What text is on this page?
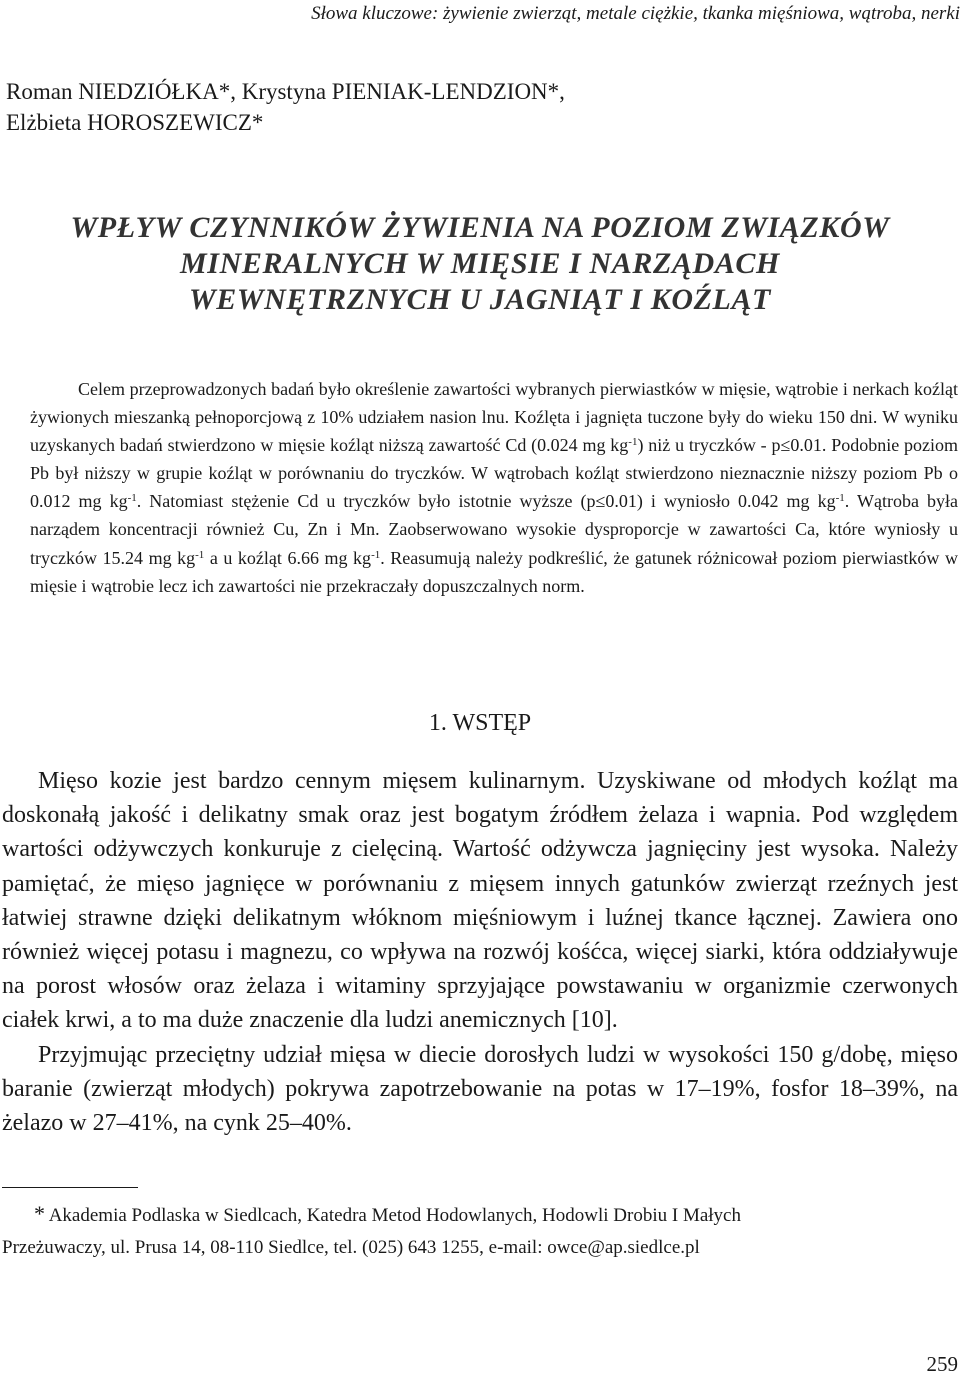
Słowa kluczowe: żywienie zwierząt, metale ciężkie, tkanka mięśniowa, wątroba, nerki
Roman NIEDZIÓŁKA*, Krystyna PIENIAK-LENDZION*,
Elżbieta HOROSZEWICZ*
WPŁYW CZYNNIKÓW ŻYWIENIA NA POZIOM ZWIĄZKÓW
MINERALNYCH W MIĘSIE I NARZĄDACH
WEWNĘTRZNYCH U JAGNIĄT I KOŹLĄT

Celem przeprowadzonych badań było określenie zawartości wybranych pierwiastków w mięsie, wątrobie i nerkach koźląt żywionych mieszanką pełnoporcjową z 10% udziałem nasion lnu. Koźlęta i jagnięta tuczone były do wieku 150 dni. W wyniku uzyskanych badań stwierdzono w mięsie koźląt niższą zawartość Cd (0.024 mg $kg^{-1}$) niż u tryczków - p≤0.01. Podobnie poziom Pb był niższy w grupie koźląt w porównaniu do tryczków. W wątrobach koźląt stwierdzono nieznacznie niższy poziom Pb o 0.012 mg $kg^{-1}$. Natomiast stężenie Cd u tryczków było istotnie wyższe (p≤0.01) i wyniosło 0.042 mg $kg^{-1}$. Wątroba była narządem koncentracji również Cu, Zn i Mn. Zaobserwowano wysokie dysproporcje w zawartości Ca, które wyniosły u tryczków 15.24 mg $kg^{-1}$ a u koźląt 6.66 mg $kg^{-1}$. Reasumują należy podkreślić, że gatunek różnicował poziom pierwiastków w mięsie i wątrobie lecz ich zawartości nie przekraczały dopuszczalnych norm.

1. WSTĘP

Mięso kozie jest bardzo cennym mięsem kulinarnym. Uzyskiwane od młodych koźląt ma doskonałą jakość i delikatny smak oraz jest bogatym źródłem żelaza i wapnia. Pod względem wartości odżywczych konkuruje z cielęciną. Wartość odżywcza jagnięciny jest wysoka. Należy pamiętać, że mięso jagnięce w porównaniu z mięsem innych gatunków zwierząt rzeźnych jest łatwiej strawne dzięki delikatnym włóknom mięśniowym i luźnej tkance łącznej. Zawiera ono również więcej potasu i magnezu, co wpływa na rozwój kośćca, więcej siarki, która oddziaływuje na porost włosów oraz żelaza i witaminy sprzyjające powstawaniu w organizmie czerwonych ciałek krwi, a to ma duże znaczenie dla ludzi anemicznych [10].

Przyjmując przeciętny udział mięsa w diecie dorosłych ludzi w wysokości 150 g/dobę, mięso baranie (zwierząt młodych) pokrywa zapotrzebowanie na potas w 17–19%, fosfor 18–39%, na żelazo w 27–41%, na cynk 25–40%.

* Akademia Podlaska w Siedlcach, Katedra Metod Hodowlanych, Hodowli Drobiu I Małych
Przeżuwaczy, ul. Prusa 14, 08-110 Siedlce, tel. (025) 643 1255, e-mail: owce@ap.siedlce.pl
259
